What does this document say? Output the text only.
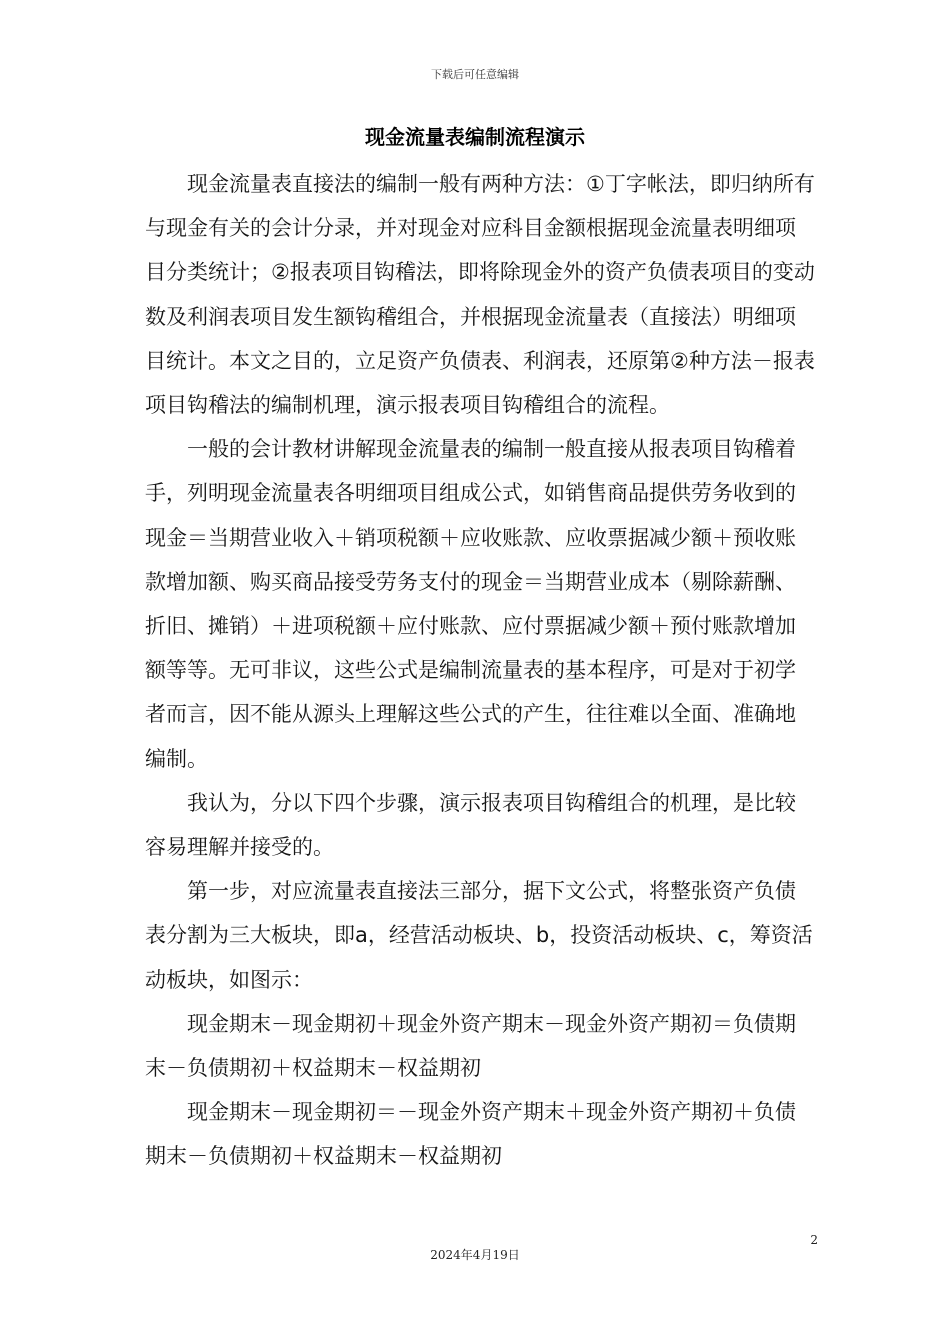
下载后可任意编辑
现金流量表编制流程演示

现金流量表直接法的编制一般有两种方法：①丁字帐法，即归纳所有与现金有关的会计分录，并对现金对应科目金额根据现金流量表明细项目分类统计；②报表项目钩稽法，即将除现金外的资产负债表项目的变动数及利润表项目发生额钩稽组合，并根据现金流量表（直接法）明细项目统计。本文之目的，立足资产负债表、利润表，还原第②种方法－报表项目钩稽法的编制机理，演示报表项目钩稽组合的流程。

一般的会计教材讲解现金流量表的编制一般直接从报表项目钩稽着手，列明现金流量表各明细项目组成公式，如销售商品提供劳务收到的现金＝当期营业收入＋销项税额＋应收账款、应收票据减少额＋预收账款增加额、购买商品接受劳务支付的现金＝当期营业成本（剔除薪酬、折旧、摊销）＋进项税额＋应付账款、应付票据减少额＋预付账款增加额等等。无可非议，这些公式是编制流量表的基本程序，可是对于初学者而言，因不能从源头上理解这些公式的产生，往往难以全面、准确地编制。

我认为，分以下四个步骤，演示报表项目钩稽组合的机理，是比较容易理解并接受的。

第一步，对应流量表直接法三部分，据下文公式，将整张资产负债表分割为三大板块，即a，经营活动板块、b，投资活动板块、c，筹资活动板块，如图示：

现金期末－现金期初＋现金外资产期末－现金外资产期初＝负债期末－负债期初＋权益期末－权益期初

现金期末－现金期初＝－现金外资产期末＋现金外资产期初＋负债期末－负债期初＋权益期末－权益期初

2
2024年4月19日
